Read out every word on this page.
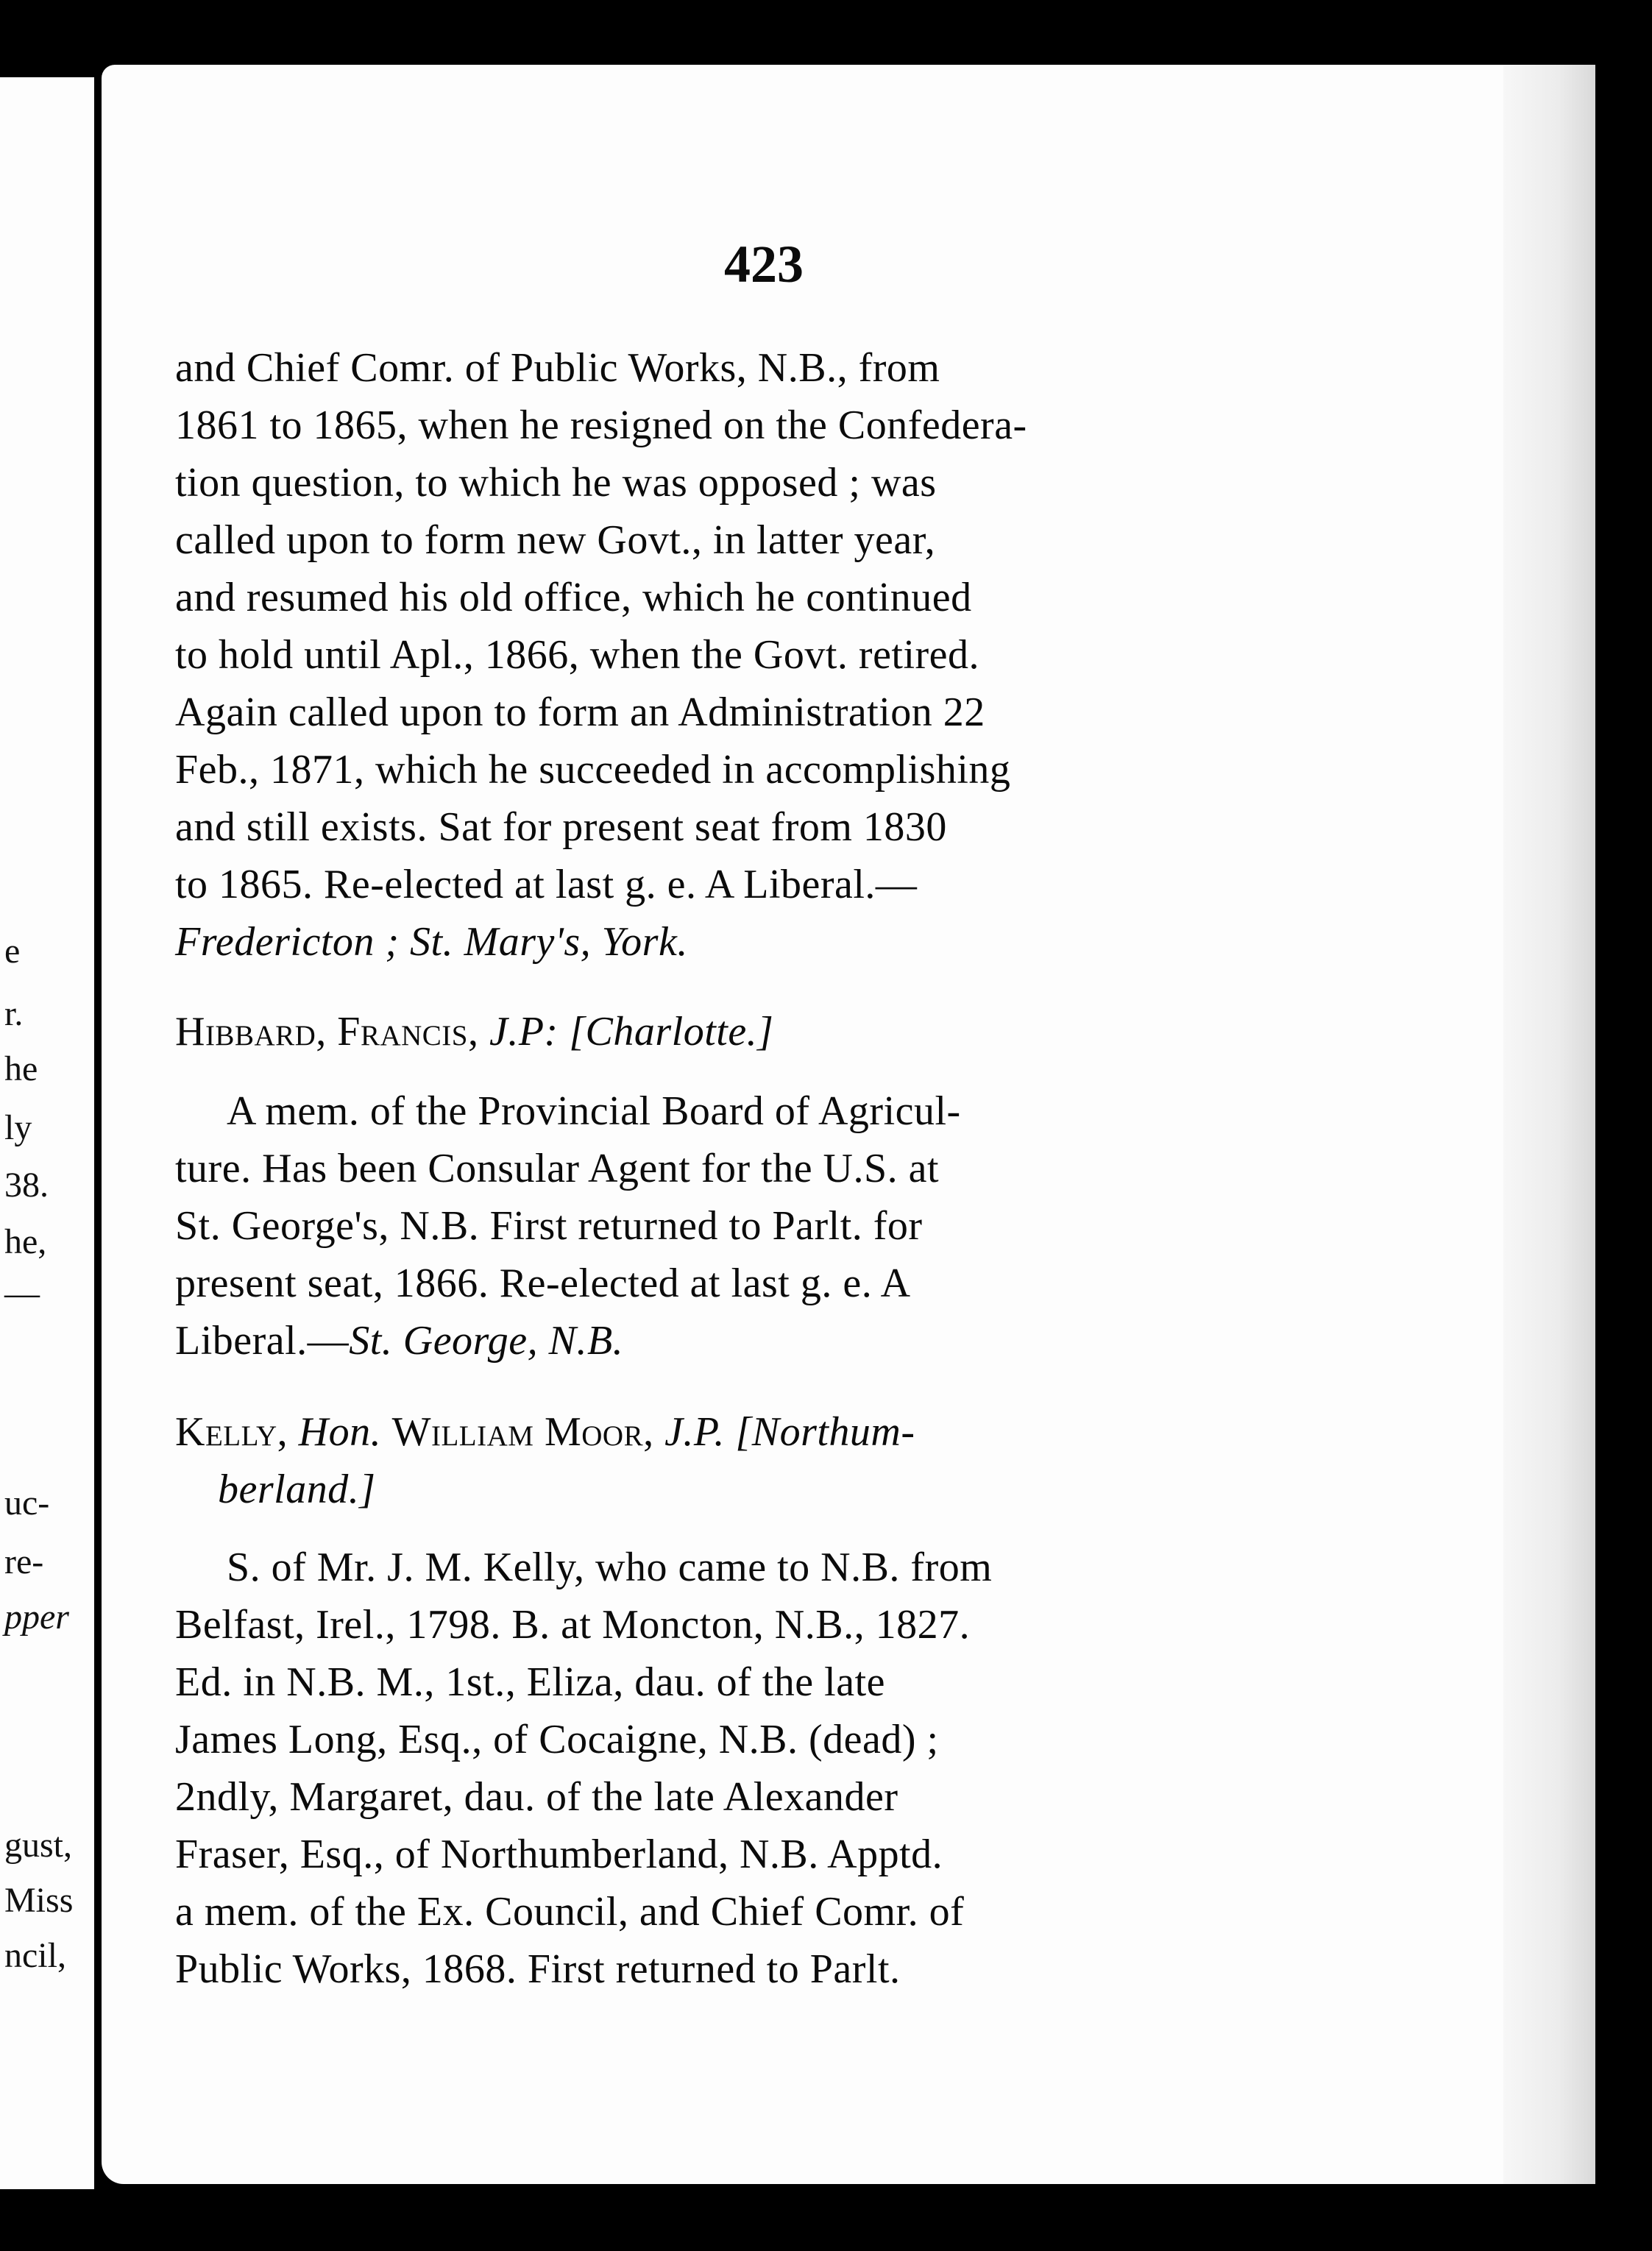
e
r.
he
ly
38.
he,
—
uc-
re-
pper
gust,
Miss
ncil,
423
and Chief Comr. of Public Works, N.B., from
1861 to 1865, when he resigned on the Confedera-
tion question, to which he was opposed ; was
called upon to form new Govt., in latter year,
and resumed his old office, which he continued
to hold until Apl., 1866, when the Govt. retired.
Again called upon to form an Administration 22
Feb., 1871, which he succeeded in accomplishing
and still exists. Sat for present seat from 1830
to 1865. Re-elected at last g. e. A Liberal.—
Fredericton ; St. Mary's, York.
Hibbard, Francis, J.P: [Charlotte.]
A mem. of the Provincial Board of Agricul-
ture. Has been Consular Agent for the U.S. at
St. George's, N.B. First returned to Parlt. for
present seat, 1866. Re-elected at last g. e. A
Liberal.—St. George, N.B.
Kelly, Hon. William Moor, J.P. [Northum-
berland.]
S. of Mr. J. M. Kelly, who came to N.B. from
Belfast, Irel., 1798. B. at Moncton, N.B., 1827.
Ed. in N.B. M., 1st., Eliza, dau. of the late
James Long, Esq., of Cocaigne, N.B. (dead) ;
2ndly, Margaret, dau. of the late Alexander
Fraser, Esq., of Northumberland, N.B. Apptd.
a mem. of the Ex. Council, and Chief Comr. of
Public Works, 1868. First returned to Parlt.
